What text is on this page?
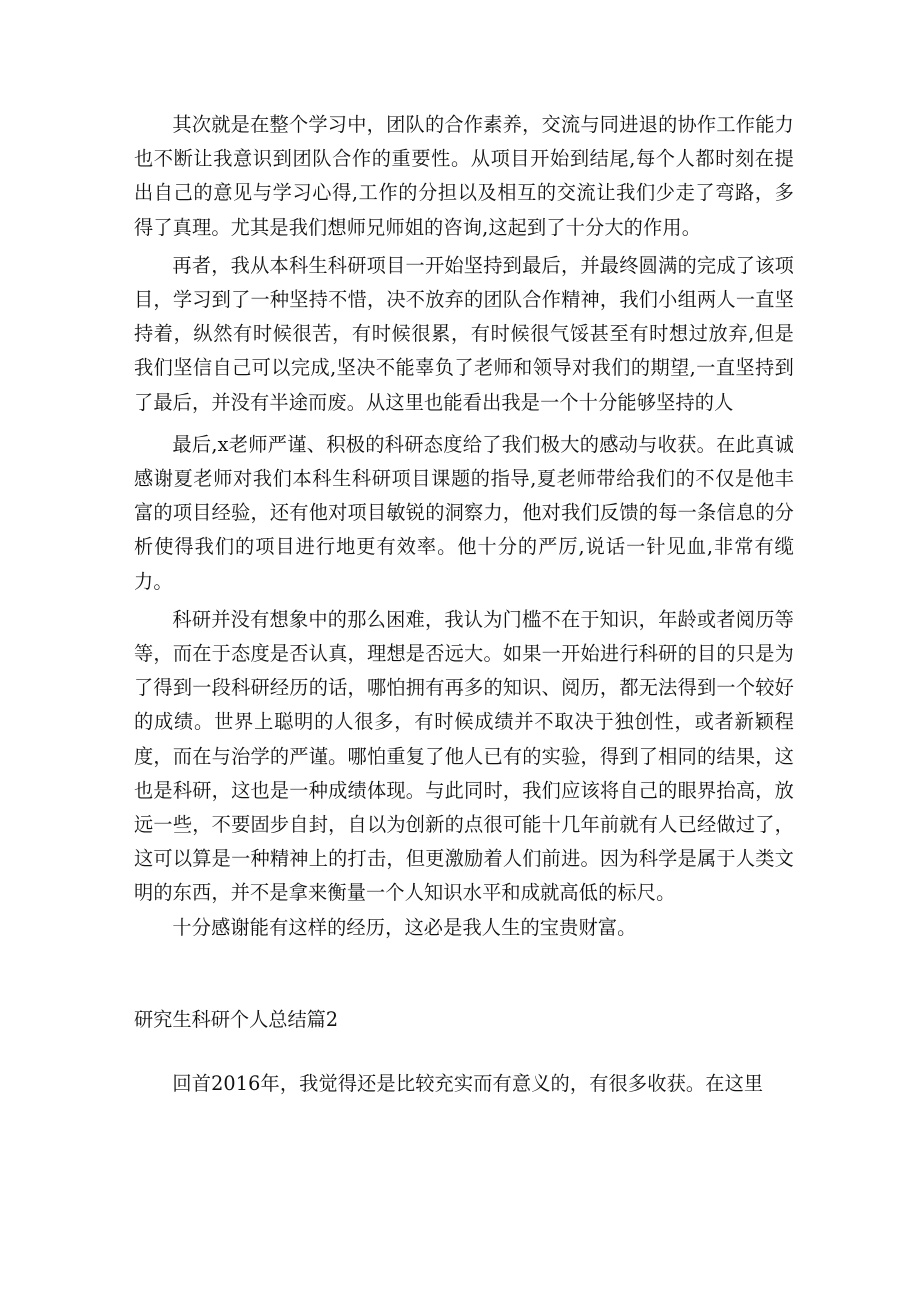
其次就是在整个学习中，团队的合作素养，交流与同进退的协作工作能力也不断让我意识到团队合作的重要性。从项目开始到结尾,每个人都时刻在提出自己的意见与学习心得,工作的分担以及相互的交流让我们少走了弯路，多得了真理。尤其是我们想师兄师姐的咨询,这起到了十分大的作用。

再者，我从本科生科研项目一开始坚持到最后，并最终圆满的完成了该项目，学习到了一种坚持不惜，决不放弃的团队合作精神，我们小组两人一直坚持着，纵然有时候很苦，有时候很累，有时候很气馁甚至有时想过放弃,但是我们坚信自己可以完成,坚决不能辜负了老师和领导对我们的期望,一直坚持到了最后，并没有半途而废。从这里也能看出我是一个十分能够坚持的人

最后,x老师严谨、积极的科研态度给了我们极大的感动与收获。在此真诚感谢夏老师对我们本科生科研项目课题的指导,夏老师带给我们的不仅是他丰富的项目经验，还有他对项目敏锐的洞察力，他对我们反馈的每一条信息的分析使得我们的项目进行地更有效率。他十分的严厉,说话一针见血,非常有缆力。

科研并没有想象中的那么困难，我认为门槛不在于知识，年龄或者阅历等等，而在于态度是否认真，理想是否远大。如果一开始进行科研的目的只是为了得到一段科研经历的话，哪怕拥有再多的知识、阅历，都无法得到一个较好的成绩。世界上聪明的人很多，有时候成绩并不取决于独创性，或者新颖程度，而在与治学的严谨。哪怕重复了他人已有的实验，得到了相同的结果，这也是科研，这也是一种成绩体现。与此同时，我们应该将自己的眼界抬高，放远一些，不要固步自封，自以为创新的点很可能十几年前就有人已经做过了，这可以算是一种精神上的打击，但更激励着人们前进。因为科学是属于人类文明的东西，并不是拿来衡量一个人知识水平和成就高低的标尺。

十分感谢能有这样的经历，这必是我人生的宝贵财富。

研究生科研个人总结篇2

回首2016年，我觉得还是比较充实而有意义的，有很多收获。在这里
